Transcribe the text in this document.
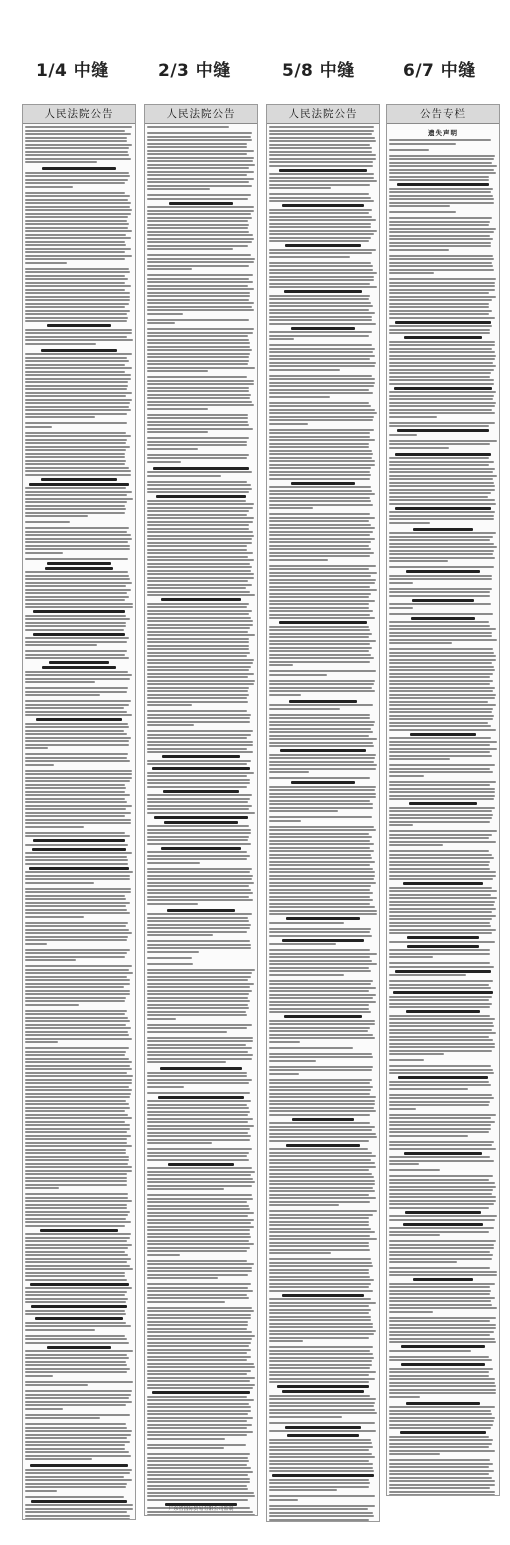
1/4 中缝	2/3 中缝	5/8 中缝	6/7 中缝
人民法院公告	人民法院公告
广东省国际贸易有限公司监制
人民法院公告	公告专栏
遗失声明
